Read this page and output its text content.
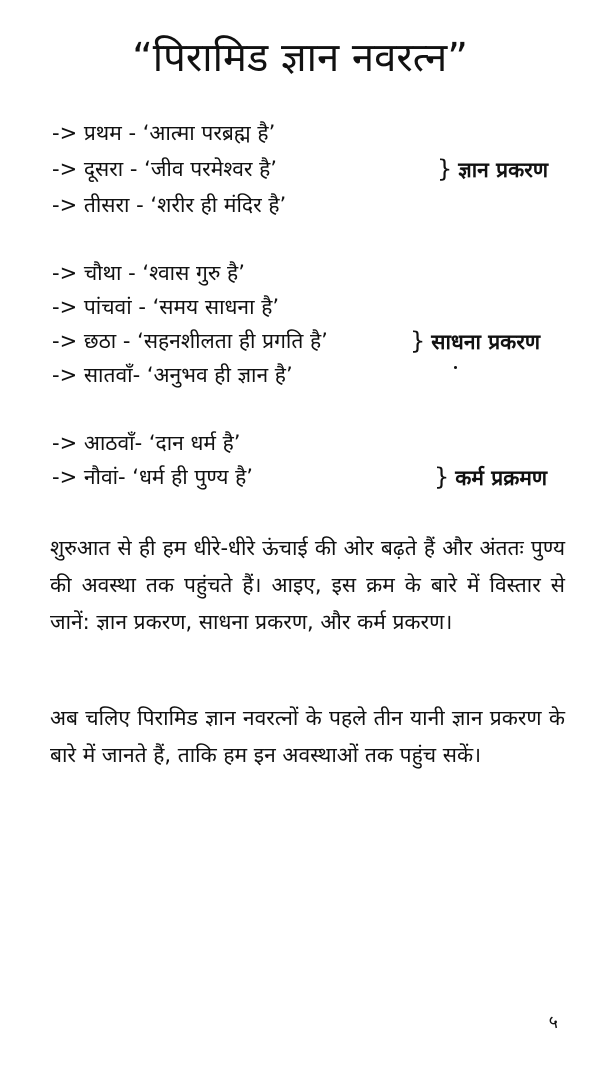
“पिरामिड ज्ञान नवरत्न”
-> प्रथम - ‘आत्मा परब्रह्म है’
-> दूसरा - ‘जीव परमेश्वर है’
-> तीसरा - ‘शरीर ही मंदिर है’
} ज्ञान प्रकरण
-> चौथा - ‘श्वास गुरु है’
-> पांचवां - ‘समय साधना है’
-> छठा - ‘सहनशीलता ही प्रगति है’
-> सातवाँ- ‘अनुभव ही ज्ञान है’
} साधना प्रकरण
-> आठवाँ- ‘दान धर्म है’
-> नौवां- ‘धर्म ही पुण्य है’	} कर्म प्रक्रमण
शुरुआत से ही हम धीरे-धीरे ऊंचाई की ओर बढ़ते हैं और अंततः पुण्य की अवस्था तक पहुंचते हैं। आइए, इस क्रम के बारे में विस्तार से जानें: ज्ञान प्रकरण, साधना प्रकरण, और कर्म प्रकरण।
अब चलिए पिरामिड ज्ञान नवरत्नों के पहले तीन यानी ज्ञान प्रकरण के बारे में जानते हैं, ताकि हम इन अवस्थाओं तक पहुंच सकें।
५
